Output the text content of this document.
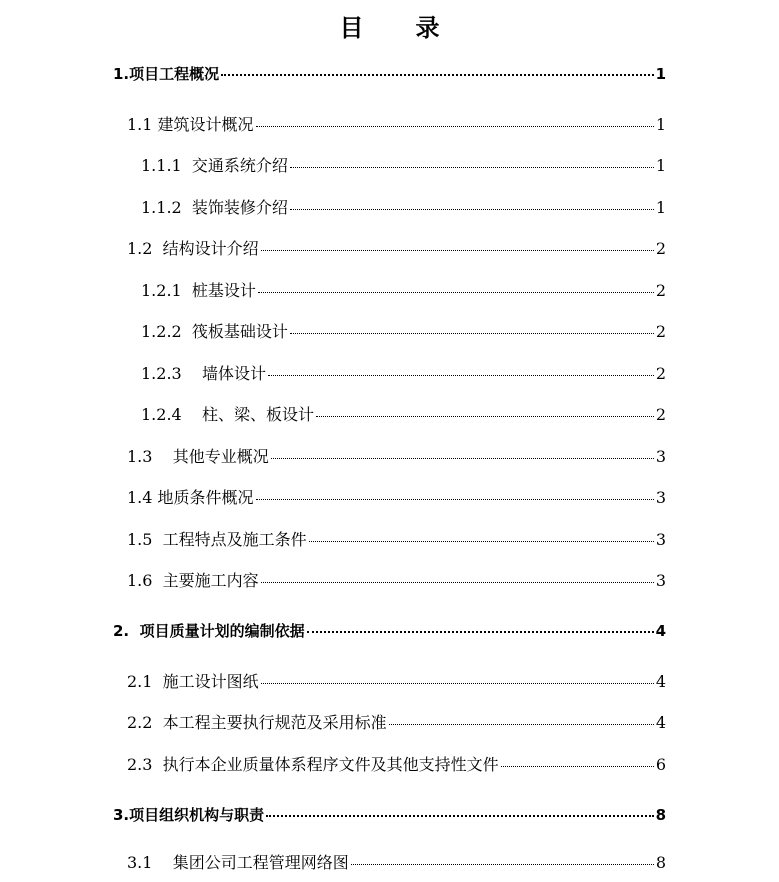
目 录
1.项目工程概况	1
1.1 建筑设计概况	1
1.1.1  交通系统介绍	1
1.1.2  装饰装修介绍	1
1.2  结构设计介绍	2
1.2.1  桩基设计	2
1.2.2  筏板基础设计	2
1.2.3    墙体设计	2
1.2.4    柱、梁、板设计	2
1.3    其他专业概况	3
1.4 地质条件概况	3
1.5  工程特点及施工条件	3
1.6  主要施工内容	3
2.  项目质量计划的编制依据	4
2.1  施工设计图纸	4
2.2  本工程主要执行规范及采用标准	4
2.3  执行本企业质量体系程序文件及其他支持性文件	6
3.项目组织机构与职责	8
3.1    集团公司工程管理网络图	8
